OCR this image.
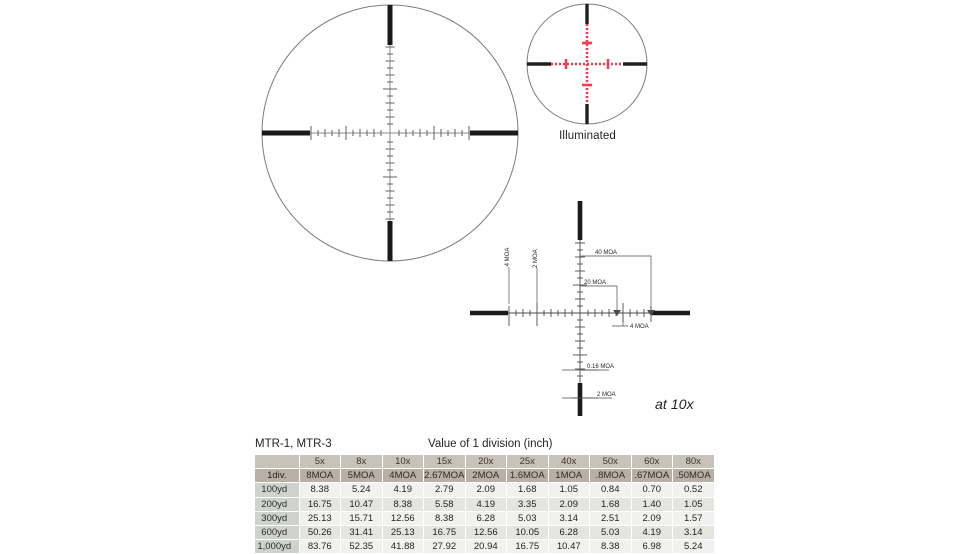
Illuminated
40 MOA
20 MOA
4 MOA
0.16 MOA
2 MOA
.4 MOA	2 MOA
at 10x
MTR-1, MTR-3	Value of 1 division (inch)
	5x	8x	10x	15x	20x	25x	40x	50x	60x	80x
1div.	8MOA	5MOA	4MOA	2.67MOA	2MOA	1.6MOA	1MOA	.8MOA	.67MOA	.50MOA
100yd	8.38	5.24	4.19	2.79	2.09	1.68	1.05	0.84	0.70	0.52
200yd	16.75	10.47	8.38	5.58	4.19	3.35	2.09	1.68	1.40	1.05
300yd	25.13	15.71	12.56	8.38	6.28	5.03	3.14	2.51	2.09	1.57
600yd	50.26	31.41	25.13	16.75	12.56	10.05	6.28	5.03	4.19	3.14
1,000yd	83.76	52.35	41.88	27.92	20.94	16.75	10.47	8.38	6.98	5.24
